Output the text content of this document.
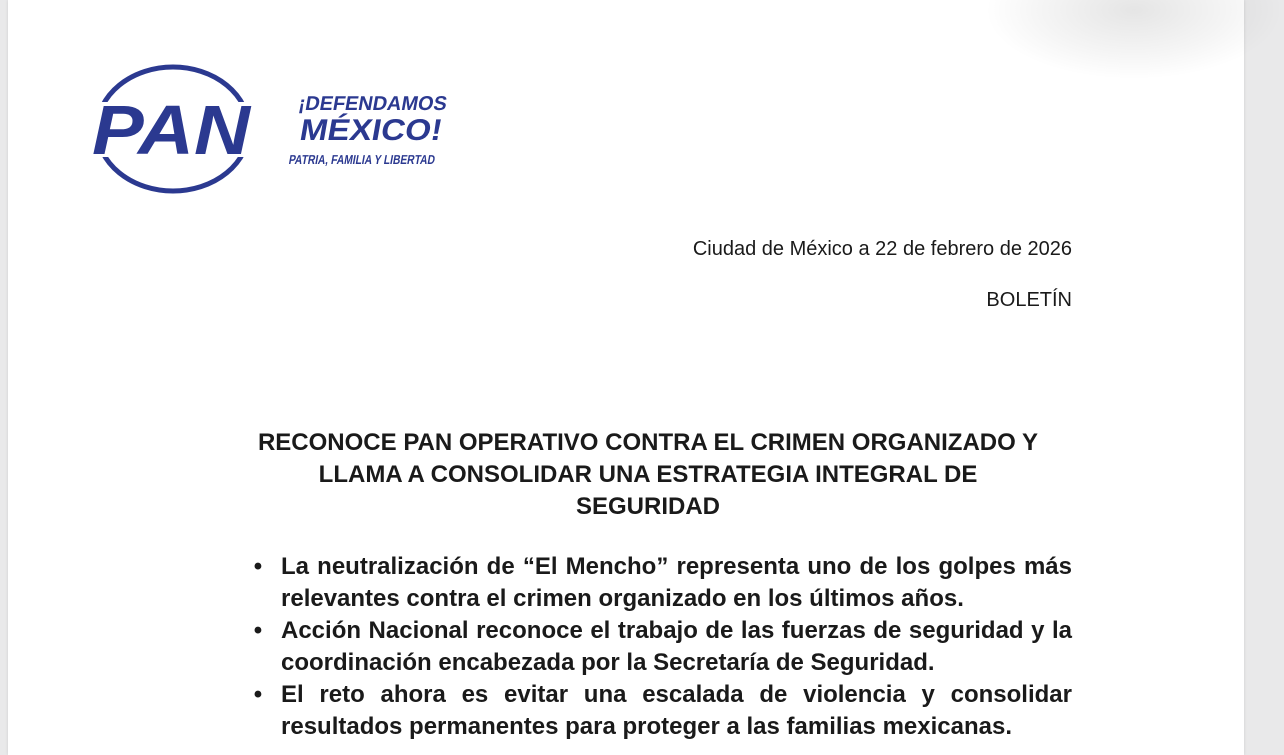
PAN ¡DEFENDAMOS
MÉXICO!
PATRIA, FAMILIA Y LIBERTAD
Ciudad de México a 22 de febrero de 2026
BOLETÍN
RECONOCE PAN OPERATIVO CONTRA EL CRIMEN ORGANIZADO Y
LLAMA A CONSOLIDAR UNA ESTRATEGIA INTEGRAL DE
SEGURIDAD
• La neutralización de “El Mencho” representa uno de los golpes más relevantes contra el crimen organizado en los últimos años.
• Acción Nacional reconoce el trabajo de las fuerzas de seguridad y la coordinación encabezada por la Secretaría de Seguridad.
• El reto ahora es evitar una escalada de violencia y consolidar resultados permanentes para proteger a las familias mexicanas.
